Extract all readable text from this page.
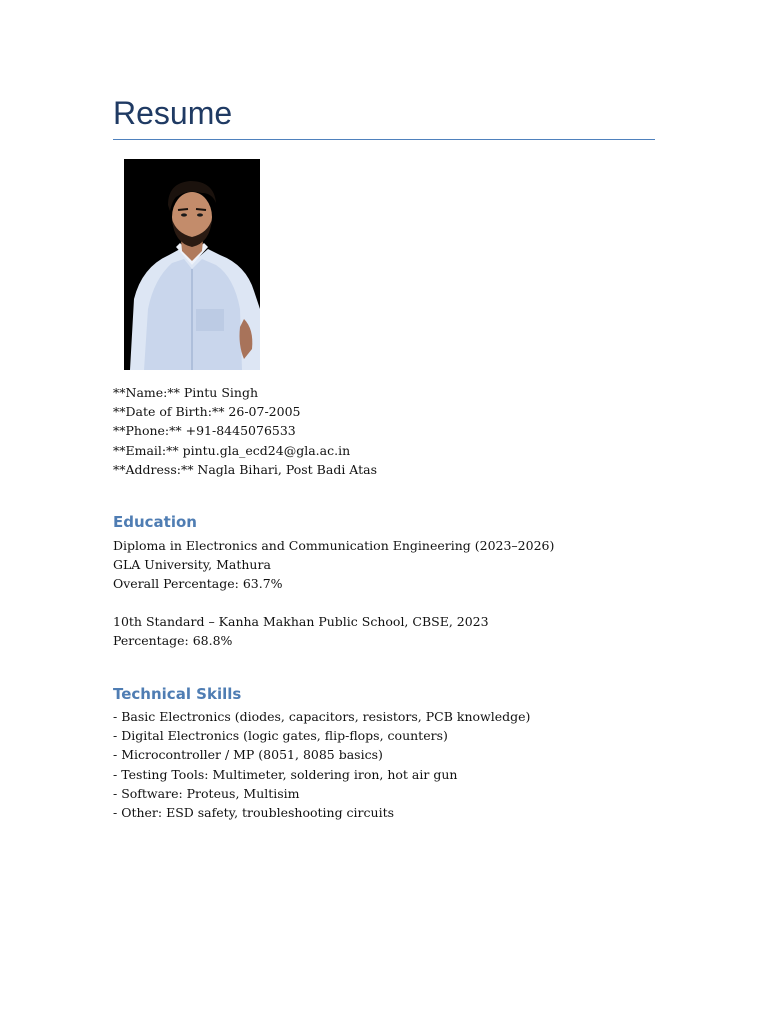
Resume
**Name:** Pintu Singh
**Date of Birth:** 26-07-2005
**Phone:** +91-8445076533
**Email:** pintu.gla_ecd24@gla.ac.in
**Address:** Nagla Bihari, Post Badi Atas
Education
Diploma in Electronics and Communication Engineering (2023–2026)
GLA University, Mathura
Overall Percentage: 63.7%
10th Standard – Kanha Makhan Public School, CBSE, 2023
Percentage: 68.8%
Technical Skills
- Basic Electronics (diodes, capacitors, resistors, PCB knowledge)
- Digital Electronics (logic gates, flip-flops, counters)
- Microcontroller / MP (8051, 8085 basics)
- Testing Tools: Multimeter, soldering iron, hot air gun
- Software: Proteus, Multisim
- Other: ESD safety, troubleshooting circuits
